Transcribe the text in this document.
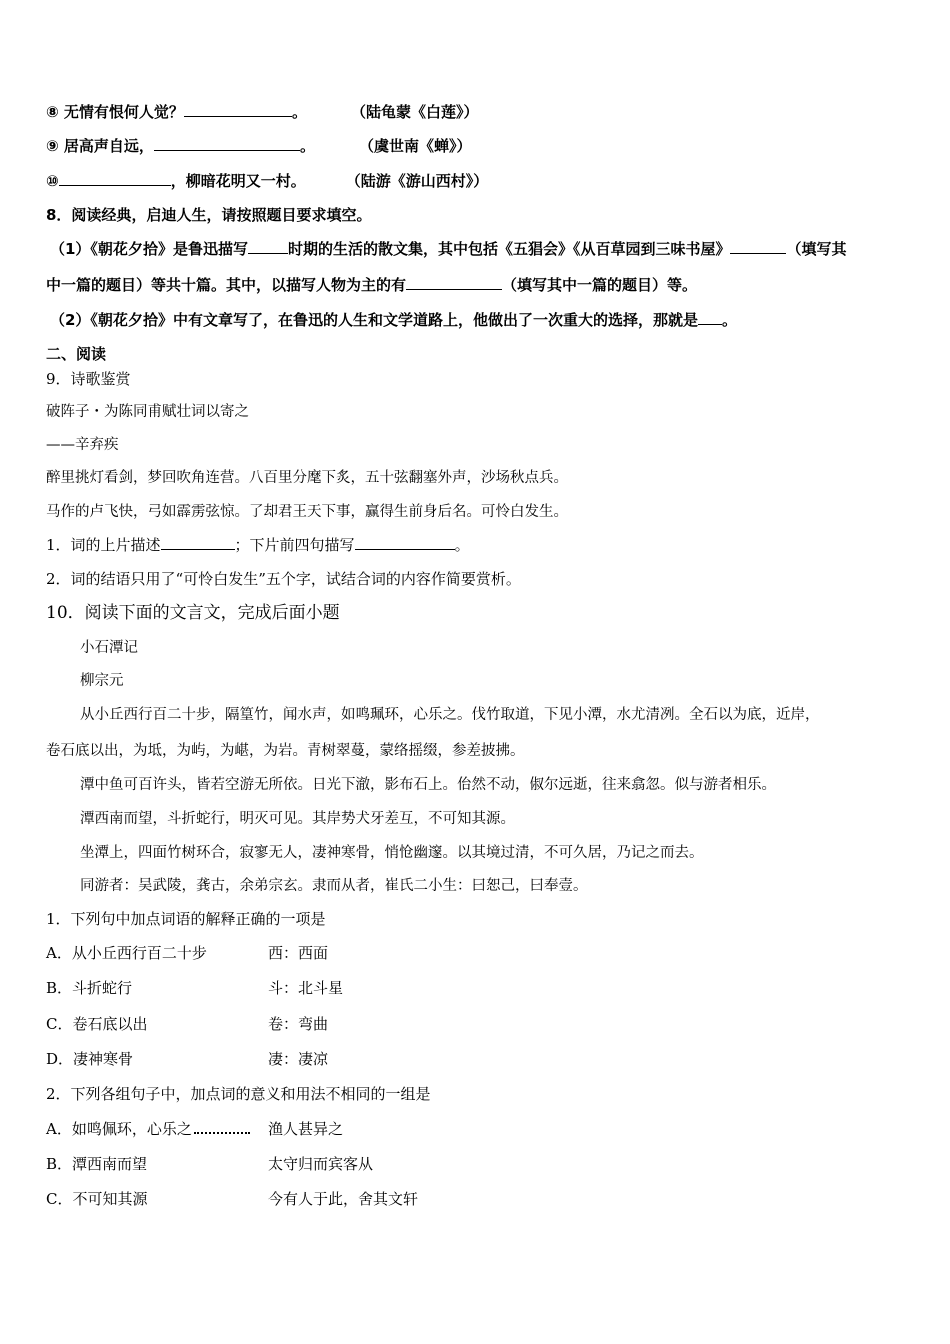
⑧ 无情有恨何人觉？	。	（陆龟蒙《白莲》）
⑨ 居高声自远，	。	（虞世南《蝉》）
⑩	，柳暗花明又一村。	（陆游《游山西村》）
8．阅读经典，启迪人生，请按照题目要求填空。
（1）《朝花夕拾》是鲁迅描写	时期的生活的散文集，其中包括《五猖会》《从百草园到三味书屋》	（填写其
中一篇的题目）等共十篇。其中，以描写人物为主的有	（填写其中一篇的题目）等。
（2）《朝花夕拾》中有文章写了，在鲁迅的人生和文学道路上，他做出了一次重大的选择，那就是 。
二、阅读
9．诗歌鉴赏
破阵子・为陈同甫赋壮词以寄之
——辛弃疾
醉里挑灯看剑，梦回吹角连营。八百里分麾下炙，五十弦翻塞外声，沙场秋点兵。
马作的卢飞快，弓如霹雳弦惊。了却君王天下事，赢得生前身后名。可怜白发生。
1．词的上片描述	；下片前四句描写	。
2．词的结语只用了“可怜白发生”五个字，试结合词的内容作简要赏析。
10．阅读下面的文言文，完成后面小题
小石潭记
柳宗元
从小丘西行百二十步，隔篁竹，闻水声，如鸣珮环，心乐之。伐竹取道，下见小潭，水尤清冽。全石以为底，近岸，
卷石底以出，为坻，为屿，为嵁，为岩。青树翠蔓，蒙络摇缀，参差披拂。
潭中鱼可百许头，皆若空游无所依。日光下澈，影布石上。佁然不动，俶尔远逝，往来翕忽。似与游者相乐。
潭西南而望，斗折蛇行，明灭可见。其岸势犬牙差互，不可知其源。
坐潭上，四面竹树环合，寂寥无人，凄神寒骨，悄怆幽邃。以其境过清，不可久居，乃记之而去。
同游者：吴武陵，龚古，余弟宗玄。隶而从者，崔氏二小生：曰恕己，曰奉壹。
1．下列句中加点词语的解释正确的一项是
A．从小丘西行百二十步	西：西面
B．斗折蛇行	斗：北斗星
C．卷石底以出	卷：弯曲
D．凄神寒骨	凄：凄凉
2．下列各组句子中，加点词的意义和用法不相同的一组是
A．如鸣佩环，心乐之	渔人甚异之
B．潭西南而望	太守归而宾客从
C．不可知其源	今有人于此，舍其文轩
